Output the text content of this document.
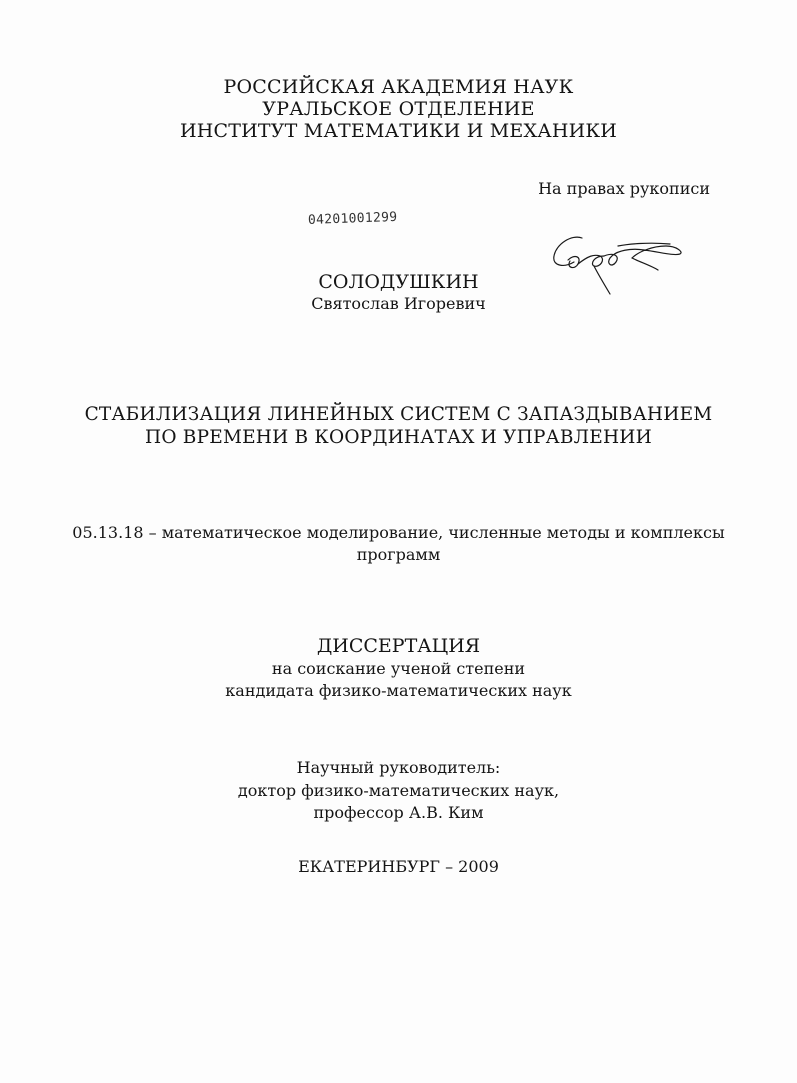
РОССИЙСКАЯ АКАДЕМИЯ НАУК
УРАЛЬСКОЕ ОТДЕЛЕНИЕ
ИНСТИТУТ МАТЕМАТИКИ И МЕХАНИКИ
На правах рукописи
04201001299
СОЛОДУШКИН
Святослав Игоревич
СТАБИЛИЗАЦИЯ ЛИНЕЙНЫХ СИСТЕМ С ЗАПАЗДЫВАНИЕМ
ПО ВРЕМЕНИ В КООРДИНАТАХ И УПРАВЛЕНИИ
05.13.18 – математическое моделирование, численные методы и комплексы
программ
ДИССЕРТАЦИЯ
на соискание ученой степени
кандидата физико-математических наук
Научный руководитель:
доктор физико-математических наук,
профессор А.В. Ким
ЕКАТЕРИНБУРГ – 2009
